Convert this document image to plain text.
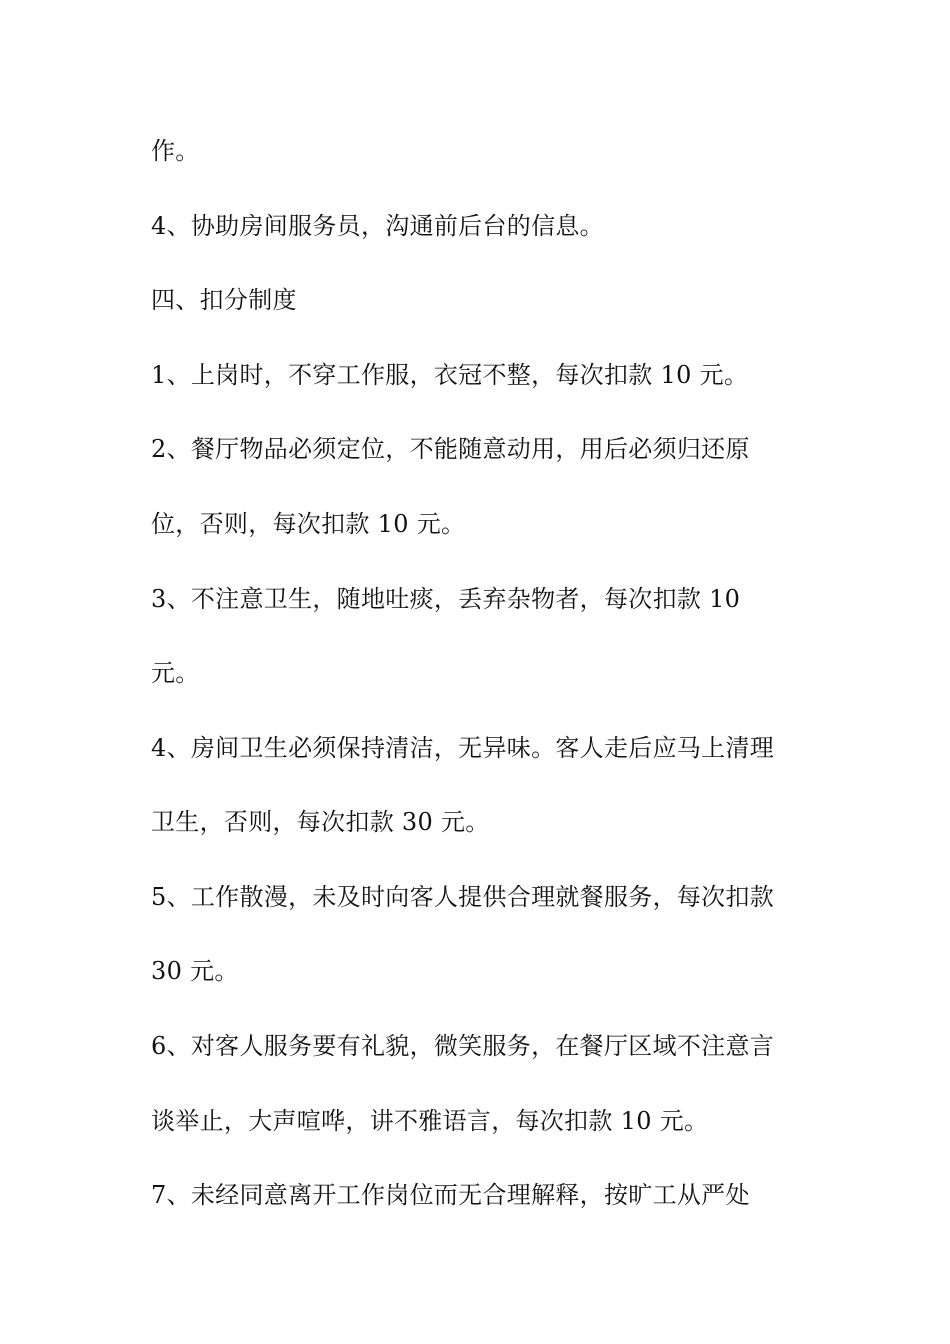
作。
4、协助房间服务员，沟通前后台的信息。
四、扣分制度
1、上岗时，不穿工作服，衣冠不整，每次扣款 10 元。
2、餐厅物品必须定位，不能随意动用，用后必须归还原
位，否则，每次扣款 10 元。
3、不注意卫生，随地吐痰，丢弃杂物者，每次扣款 10
元。
4、房间卫生必须保持清洁，无异味。客人走后应马上清理
卫生，否则，每次扣款 30 元。
5、工作散漫，未及时向客人提供合理就餐服务，每次扣款
30 元。
6、对客人服务要有礼貌，微笑服务，在餐厅区域不注意言
谈举止，大声喧哗，讲不雅语言，每次扣款 10 元。
7、未经同意离开工作岗位而无合理解释，按旷工从严处
